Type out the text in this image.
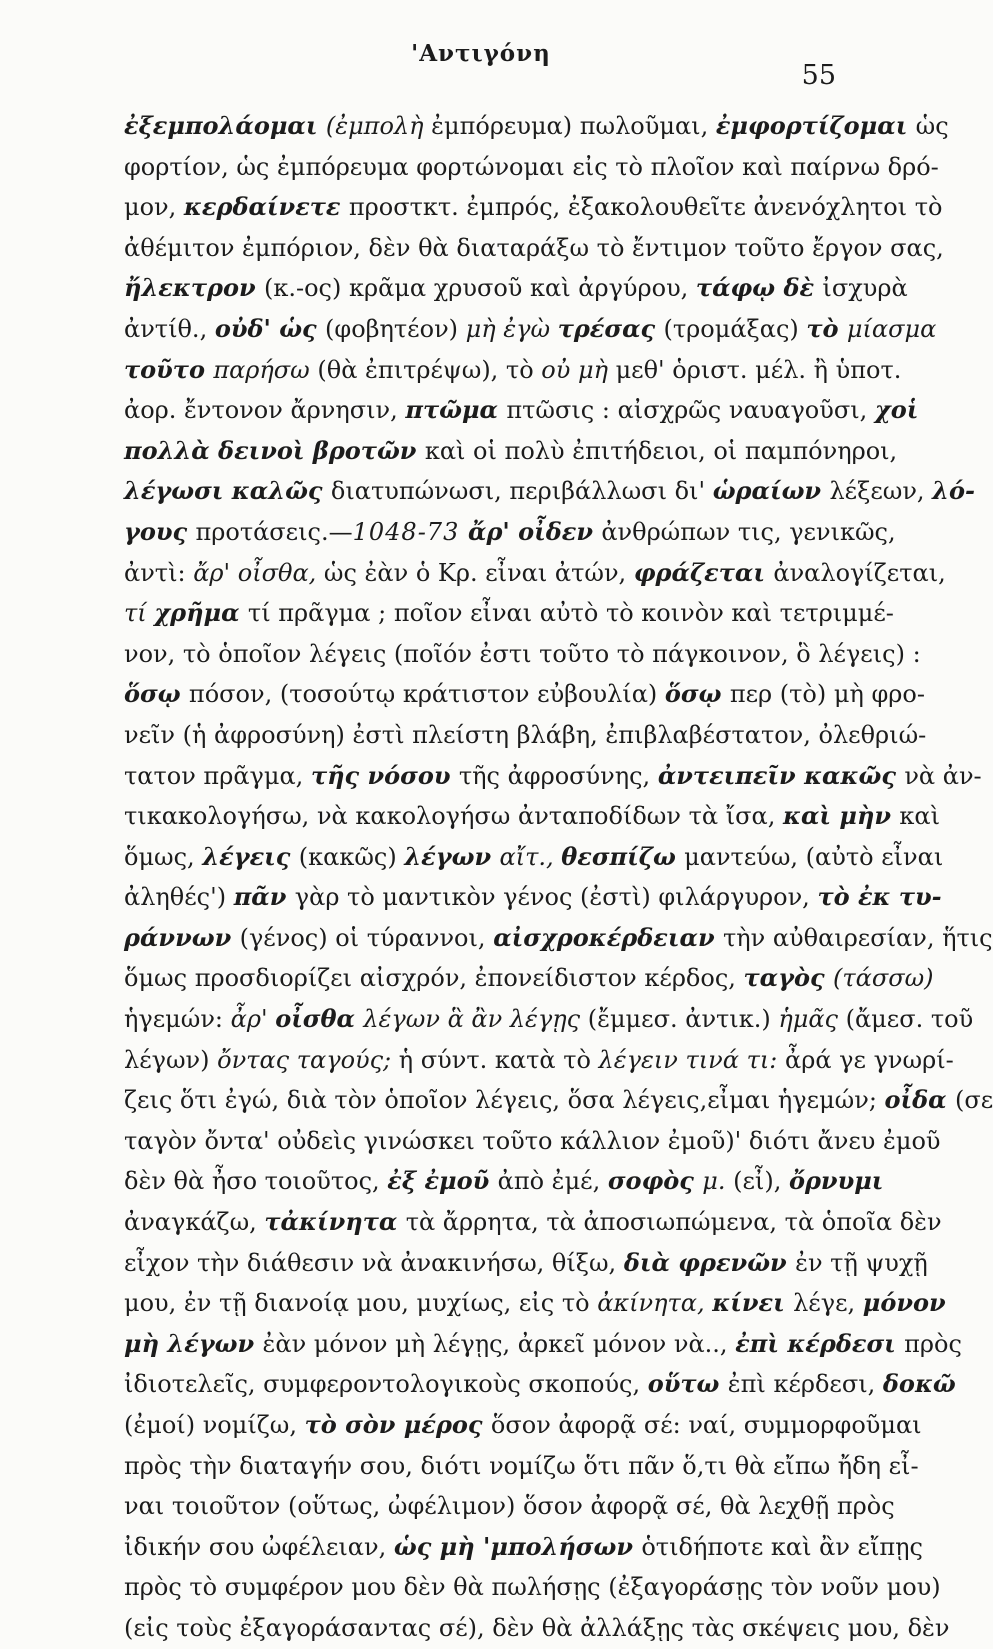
'Αντιγόνη
55
ἐξεμπολάομαι (ἐμπολὴ ἐμπόρευμα) πωλοῦμαι, ἐμφορτίζομαι ὡς
φορτίον, ὡς ἐμπόρευμα φορτώνομαι εἰς τὸ πλοῖον καὶ παίρνω δρό-
μον, κερδαίνετε προστκτ. ἐμπρός, ἐξακολουθεῖτε ἀνενόχλητοι τὸ
ἀθέμιτον ἐμπόριον, δὲν θὰ διαταράξω τὸ ἔντιμον τοῦτο ἔργον σας,
ἤλεκτρον (κ.-ος) κρᾶμα χρυσοῦ καὶ ἀργύρου, τάφῳ δὲ ἰσχυρὰ
ἀντίθ., οὐδ' ὡς (φοβητέον) μὴ ἐγὼ τρέσας (τρομάξας) τὸ μίασμα
τοῦτο παρήσω (θὰ ἐπιτρέψω), τὸ οὐ μὴ μεθ' ὁριστ. μέλ. ἢ ὑποτ.
ἀορ. ἔντονον ἄρνησιν, πτῶμα πτῶσις : αἰσχρῶς ναυαγοῦσι, χοἱ
πολλὰ δεινοὶ βροτῶν καὶ οἱ πολὺ ἐπιτήδειοι, οἱ παμπόνηροι,
λέγωσι καλῶς διατυπώνωσι, περιβάλλωσι δι' ὡραίων λέξεων, λό-
γους προτάσεις.—1048-73 ἄρ' οἶδεν ἀνθρώπων τις, γενικῶς,
ἀντὶ: ἄρ' οἶσθα, ὡς ἐὰν ὁ Κρ. εἶναι ἀτών, φράζεται ἀναλογίζεται,
τί χρῆμα τί πρᾶγμα ; ποῖον εἶναι αὐτὸ τὸ κοινὸν καὶ τετριμμέ-
νον, τὸ ὁποῖον λέγεις (ποῖόν ἐστι τοῦτο τὸ πάγκοινον, ὃ λέγεις) :
ὅσῳ πόσον, (τοσούτῳ κράτιστον εὐβουλία) ὅσῳ περ (τὸ) μὴ φρο-
νεῖν (ἡ ἀφροσύνη) ἐστὶ πλείστη βλάβη, ἐπιβλαβέστατον, ὀλεθριώ-
τατον πρᾶγμα, τῆς νόσου τῆς ἀφροσύνης, ἀντειπεῖν κακῶς νὰ ἀν-
τικακολογήσω, νὰ κακολογήσω ἀνταποδίδων τὰ ἴσα, καὶ μὴν καὶ
ὅμως, λέγεις (κακῶς) λέγων αἴτ., θεσπίζω μαντεύω, (αὐτὸ εἶναι
ἀληθές') πᾶν γὰρ τὸ μαντικὸν γένος (ἐστὶ) φιλάργυρον, τὸ ἐκ τυ-
ράννων (γένος) οἱ τύραννοι, αἰσχροκέρδειαν τὴν αὐθαιρεσίαν, ἥτις
ὅμως προσδιορίζει αἰσχρόν, ἐπονείδιστον κέρδος, ταγὸς (τάσσω)
ἡγεμών: ἆρ' οἶσθα λέγων ἃ ἂν λέγῃς (ἔμμεσ. ἀντικ.) ἡμᾶς (ἄμεσ. τοῦ
λέγων) ὄντας ταγούς; ἡ σύντ. κατὰ τὸ λέγειν τινά τι: ἆρά γε γνωρί-
ζεις ὅτι ἐγώ, διὰ τὸν ὁποῖον λέγεις, ὅσα λέγεις,εἶμαι ἡγεμών; οἶδα (σε
ταγὸν ὄντα' οὐδεὶς γινώσκει τοῦτο κάλλιον ἐμοῦ)' διότι ἄνευ ἐμοῦ
δὲν θὰ ἦσο τοιοῦτος, ἐξ ἐμοῦ ἀπὸ ἐμέ, σοφὸς μ. (εἶ), ὄρνυμι
ἀναγκάζω, τἀκίνητα τὰ ἄρρητα, τὰ ἀποσιωπώμενα, τὰ ὁποῖα δὲν
εἶχον τὴν διάθεσιν νὰ ἀνακινήσω, θίξω, διὰ φρενῶν ἐν τῇ ψυχῇ
μου, ἐν τῇ διανοίᾳ μου, μυχίως, εἰς τὸ ἀκίνητα, κίνει λέγε, μόνον
μὴ λέγων ἐὰν μόνον μὴ λέγῃς, ἀρκεῖ μόνον νὰ.., ἐπὶ κέρδεσι πρὸς
ἰδιοτελεῖς, συμφεροντολογικοὺς σκοπούς, οὕτω ἐπὶ κέρδεσι, δοκῶ
(ἐμοί) νομίζω, τὸ σὸν μέρος ὅσον ἀφορᾷ σέ: ναί, συμμορφοῦμαι
πρὸς τὴν διαταγήν σου, διότι νομίζω ὅτι πᾶν ὅ,τι θὰ εἴπω ἤδη εἶ-
ναι τοιοῦτον (οὕτως, ὠφέλιμον) ὅσον ἀφορᾷ σέ, θὰ λεχθῇ πρὸς
ἰδικήν σου ὠφέλειαν, ὡς μὴ 'μπολήσων ὁτιδήποτε καὶ ἂν εἴπῃς
πρὸς τὸ συμφέρον μου δὲν θὰ πωλήσῃς (ἐξαγοράσῃς τὸν νοῦν μου)
(εἰς τοὺς ἐξαγοράσαντας σέ), δὲν θὰ ἀλλάξῃς τὰς σκέψεις μου, δὲν
